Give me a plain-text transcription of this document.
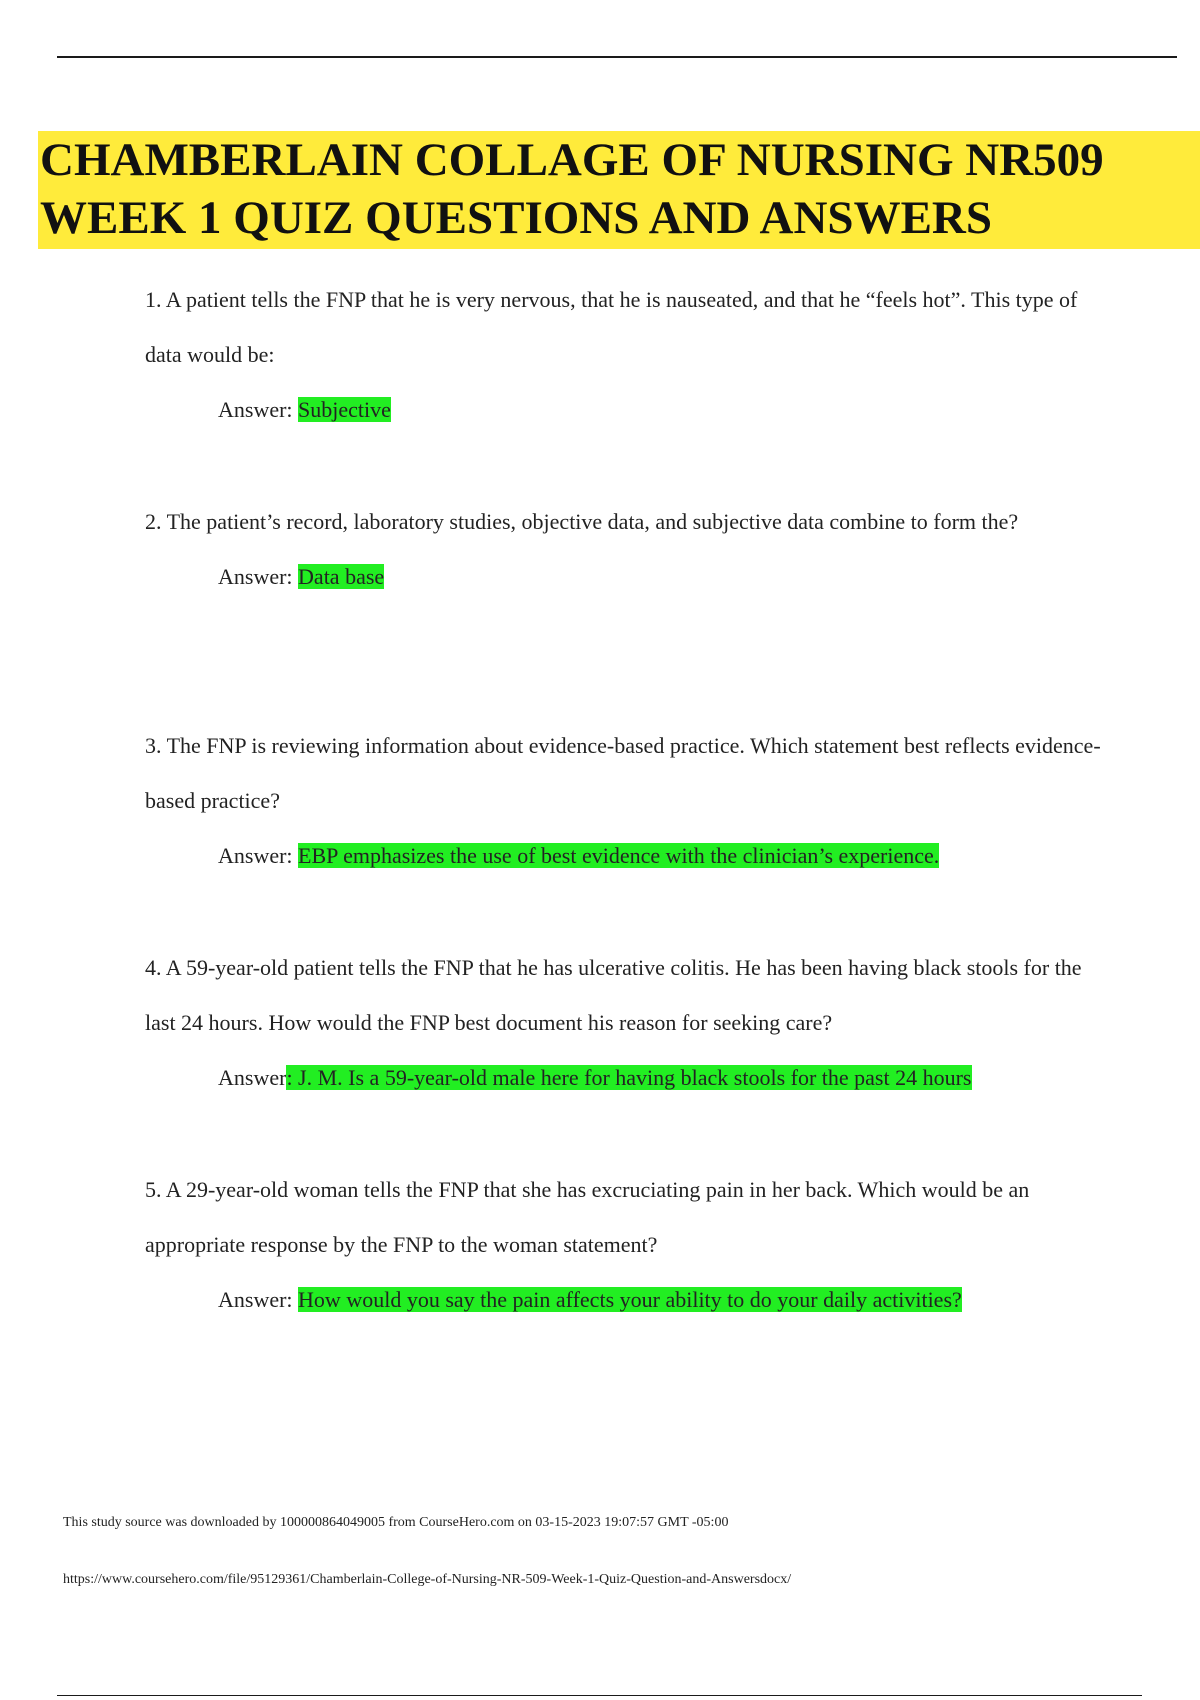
CHAMBERLAIN COLLAGE OF NURSING NR509 WEEK 1 QUIZ QUESTIONS AND ANSWERS

1. A patient tells the FNP that he is very nervous, that he is nauseated, and that he “feels hot”. This type of data would be:

Answer: Subjective

2. The patient’s record, laboratory studies, objective data, and subjective data combine to form the?

Answer: Data base

3. The FNP is reviewing information about evidence-based practice. Which statement best reflects evidence-based practice?

Answer: EBP emphasizes the use of best evidence with the clinician’s experience.

4. A 59-year-old patient tells the FNP that he has ulcerative colitis. He has been having black stools for the last 24 hours. How would the FNP best document his reason for seeking care?

Answer: J. M. Is a 59-year-old male here for having black stools for the past 24 hours

5. A 29-year-old woman tells the FNP that she has excruciating pain in her back. Which would be an appropriate response by the FNP to the woman statement?

Answer: How would you say the pain affects your ability to do your daily activities?

This study source was downloaded by 100000864049005 from CourseHero.com on 03-15-2023 19:07:57 GMT -05:00

https://www.coursehero.com/file/95129361/Chamberlain-College-of-Nursing-NR-509-Week-1-Quiz-Question-and-Answersdocx/
